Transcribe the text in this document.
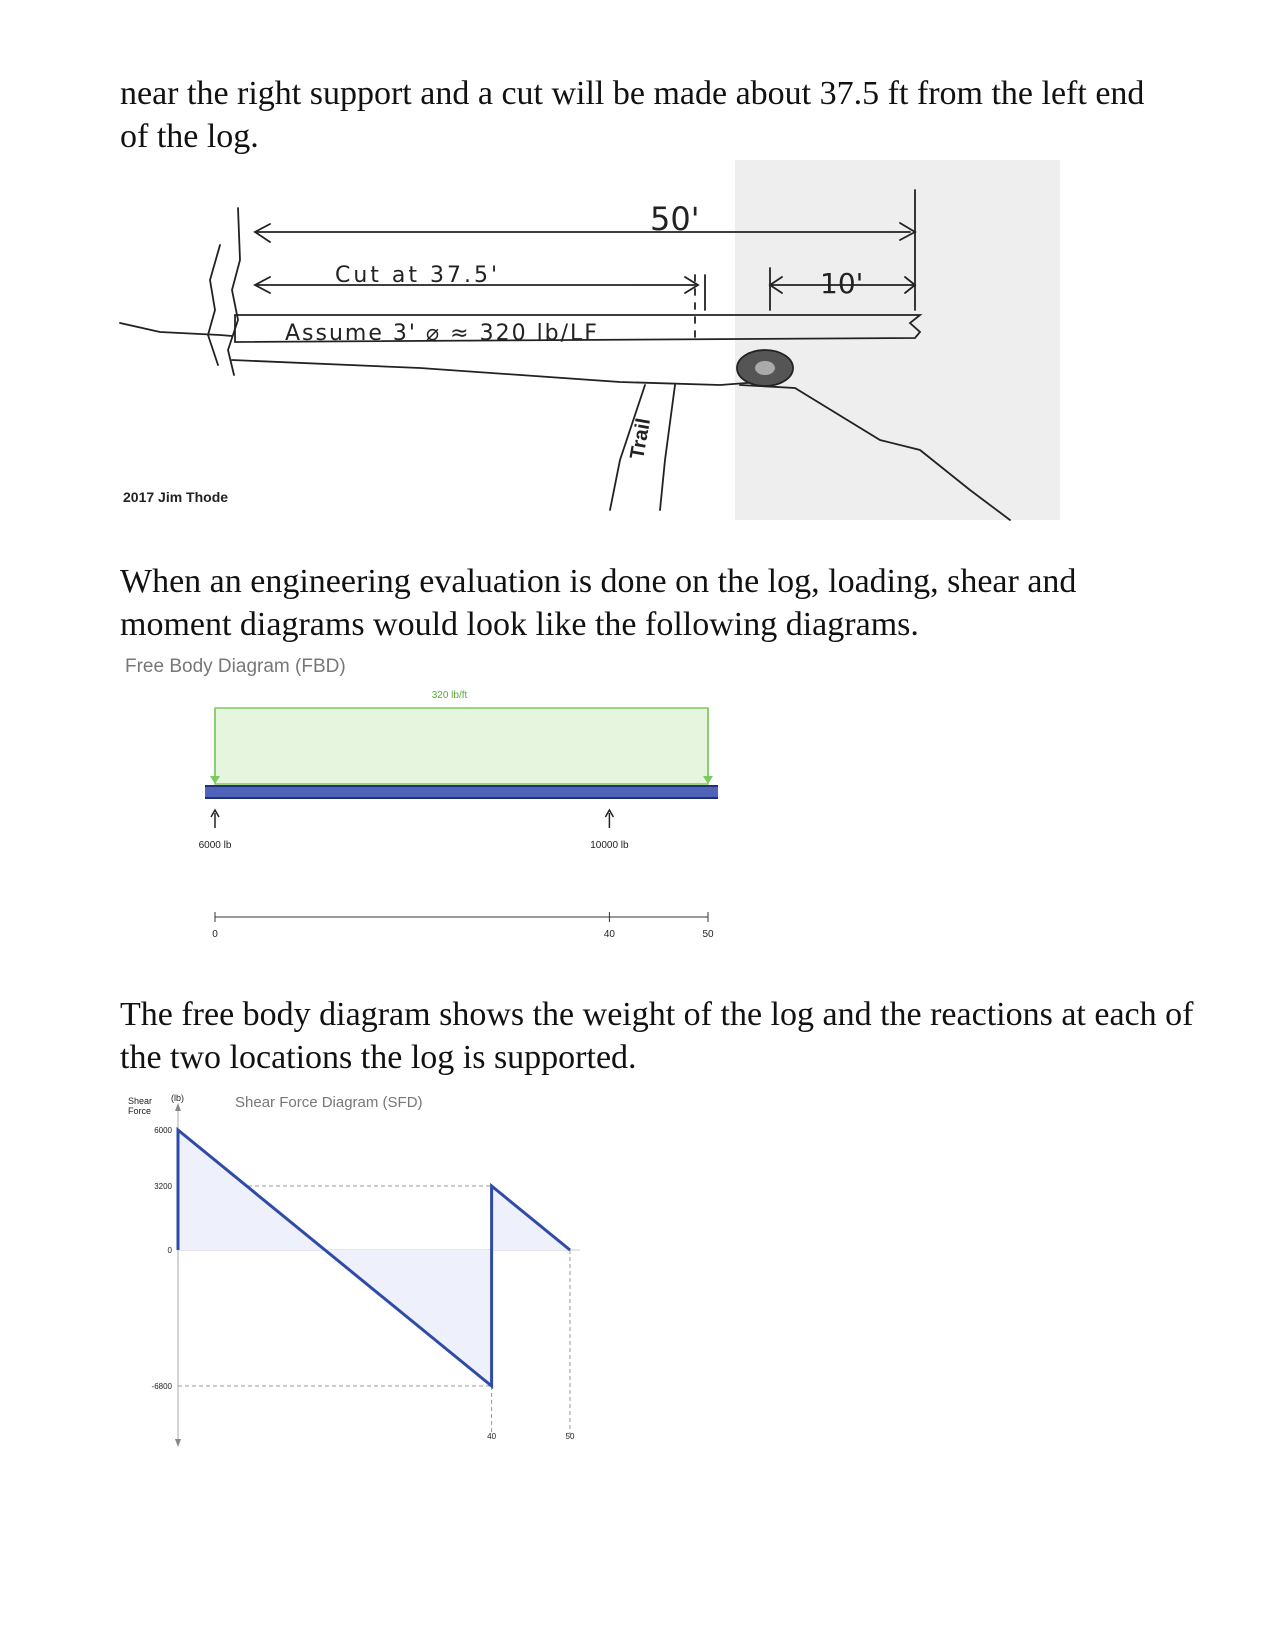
near the right support and a cut will be made about 37.5 ft from the left end of the log.

50'
10'
Cut at 37.5'
Assume 3' ⌀ ≈ 320 lb/LF
Trail
2017 Jim Thode

When an engineering evaluation is done on the log, loading, shear and moment diagrams would look like the following diagrams.

Free Body Diagram (FBD)
320 lb/ft
6000 lb	10000 lb
0	40	50

The free body diagram shows the weight of the log and the reactions at each of the two locations the log is supported.

Shear Force Diagram (SFD)
Shear
Force
(lb)
40	50
6000
3200
0
-6800
